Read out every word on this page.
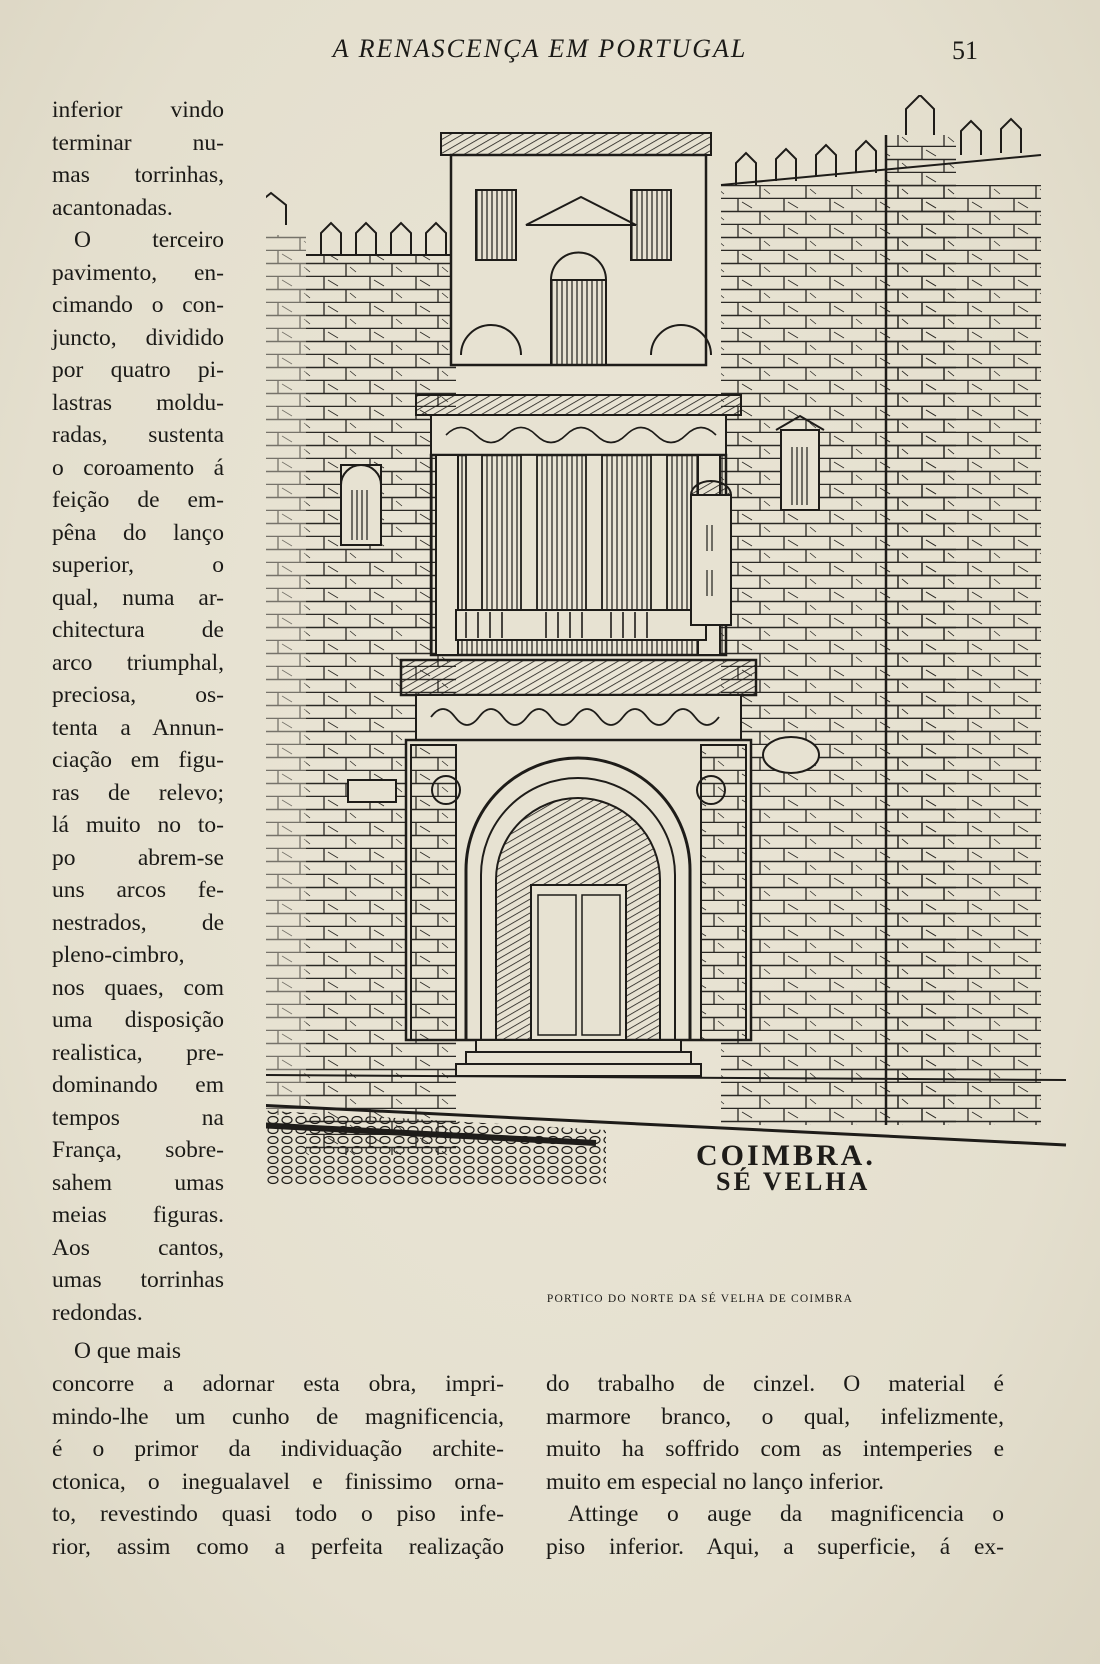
A RENASCENÇA EM PORTUGAL	51

inferior vindo

terminar nu-

mas torrinhas,

acantonadas.

O terceiro

pavimento, en-

cimando o con-

juncto, dividido

por quatro pi-

lastras moldu-

radas, sustenta

o coroamento á

feição de em-

pêna do lanço

superior, o

qual, numa ar-

chitectura de

arco triumphal,

preciosa, os-

tenta a Annun-

ciação em figu-

ras de relevo;

lá muito no to-

po abrem-se

uns arcos fe-

nestrados, de

pleno-cimbro,

nos quaes, com

uma disposição

realistica, pre-

dominando em

tempos na

França, sobre-

sahem umas

meias figuras.

Aos cantos,

umas torrinhas

redondas.

O que mais

concorre a adornar esta obra, impri-
mindo-lhe um cunho de magnificencia,
é o primor da individuação archite-
ctonica, o inegualavel e finissimo orna-
to, revestindo quasi todo o piso infe-
rior, assim como a perfeita realização
do trabalho de cinzel. O material é
marmore branco, o qual, infelizmente,
muito ha soffrido com as intemperies e
muito em especial no lanço inferior.
Attinge o auge da magnificencia o
piso inferior. Aqui, a superficie, á ex-
COIMBRA.
SÉ VELHA
PORTICO DO NORTE DA SÉ VELHA DE COIMBRA
